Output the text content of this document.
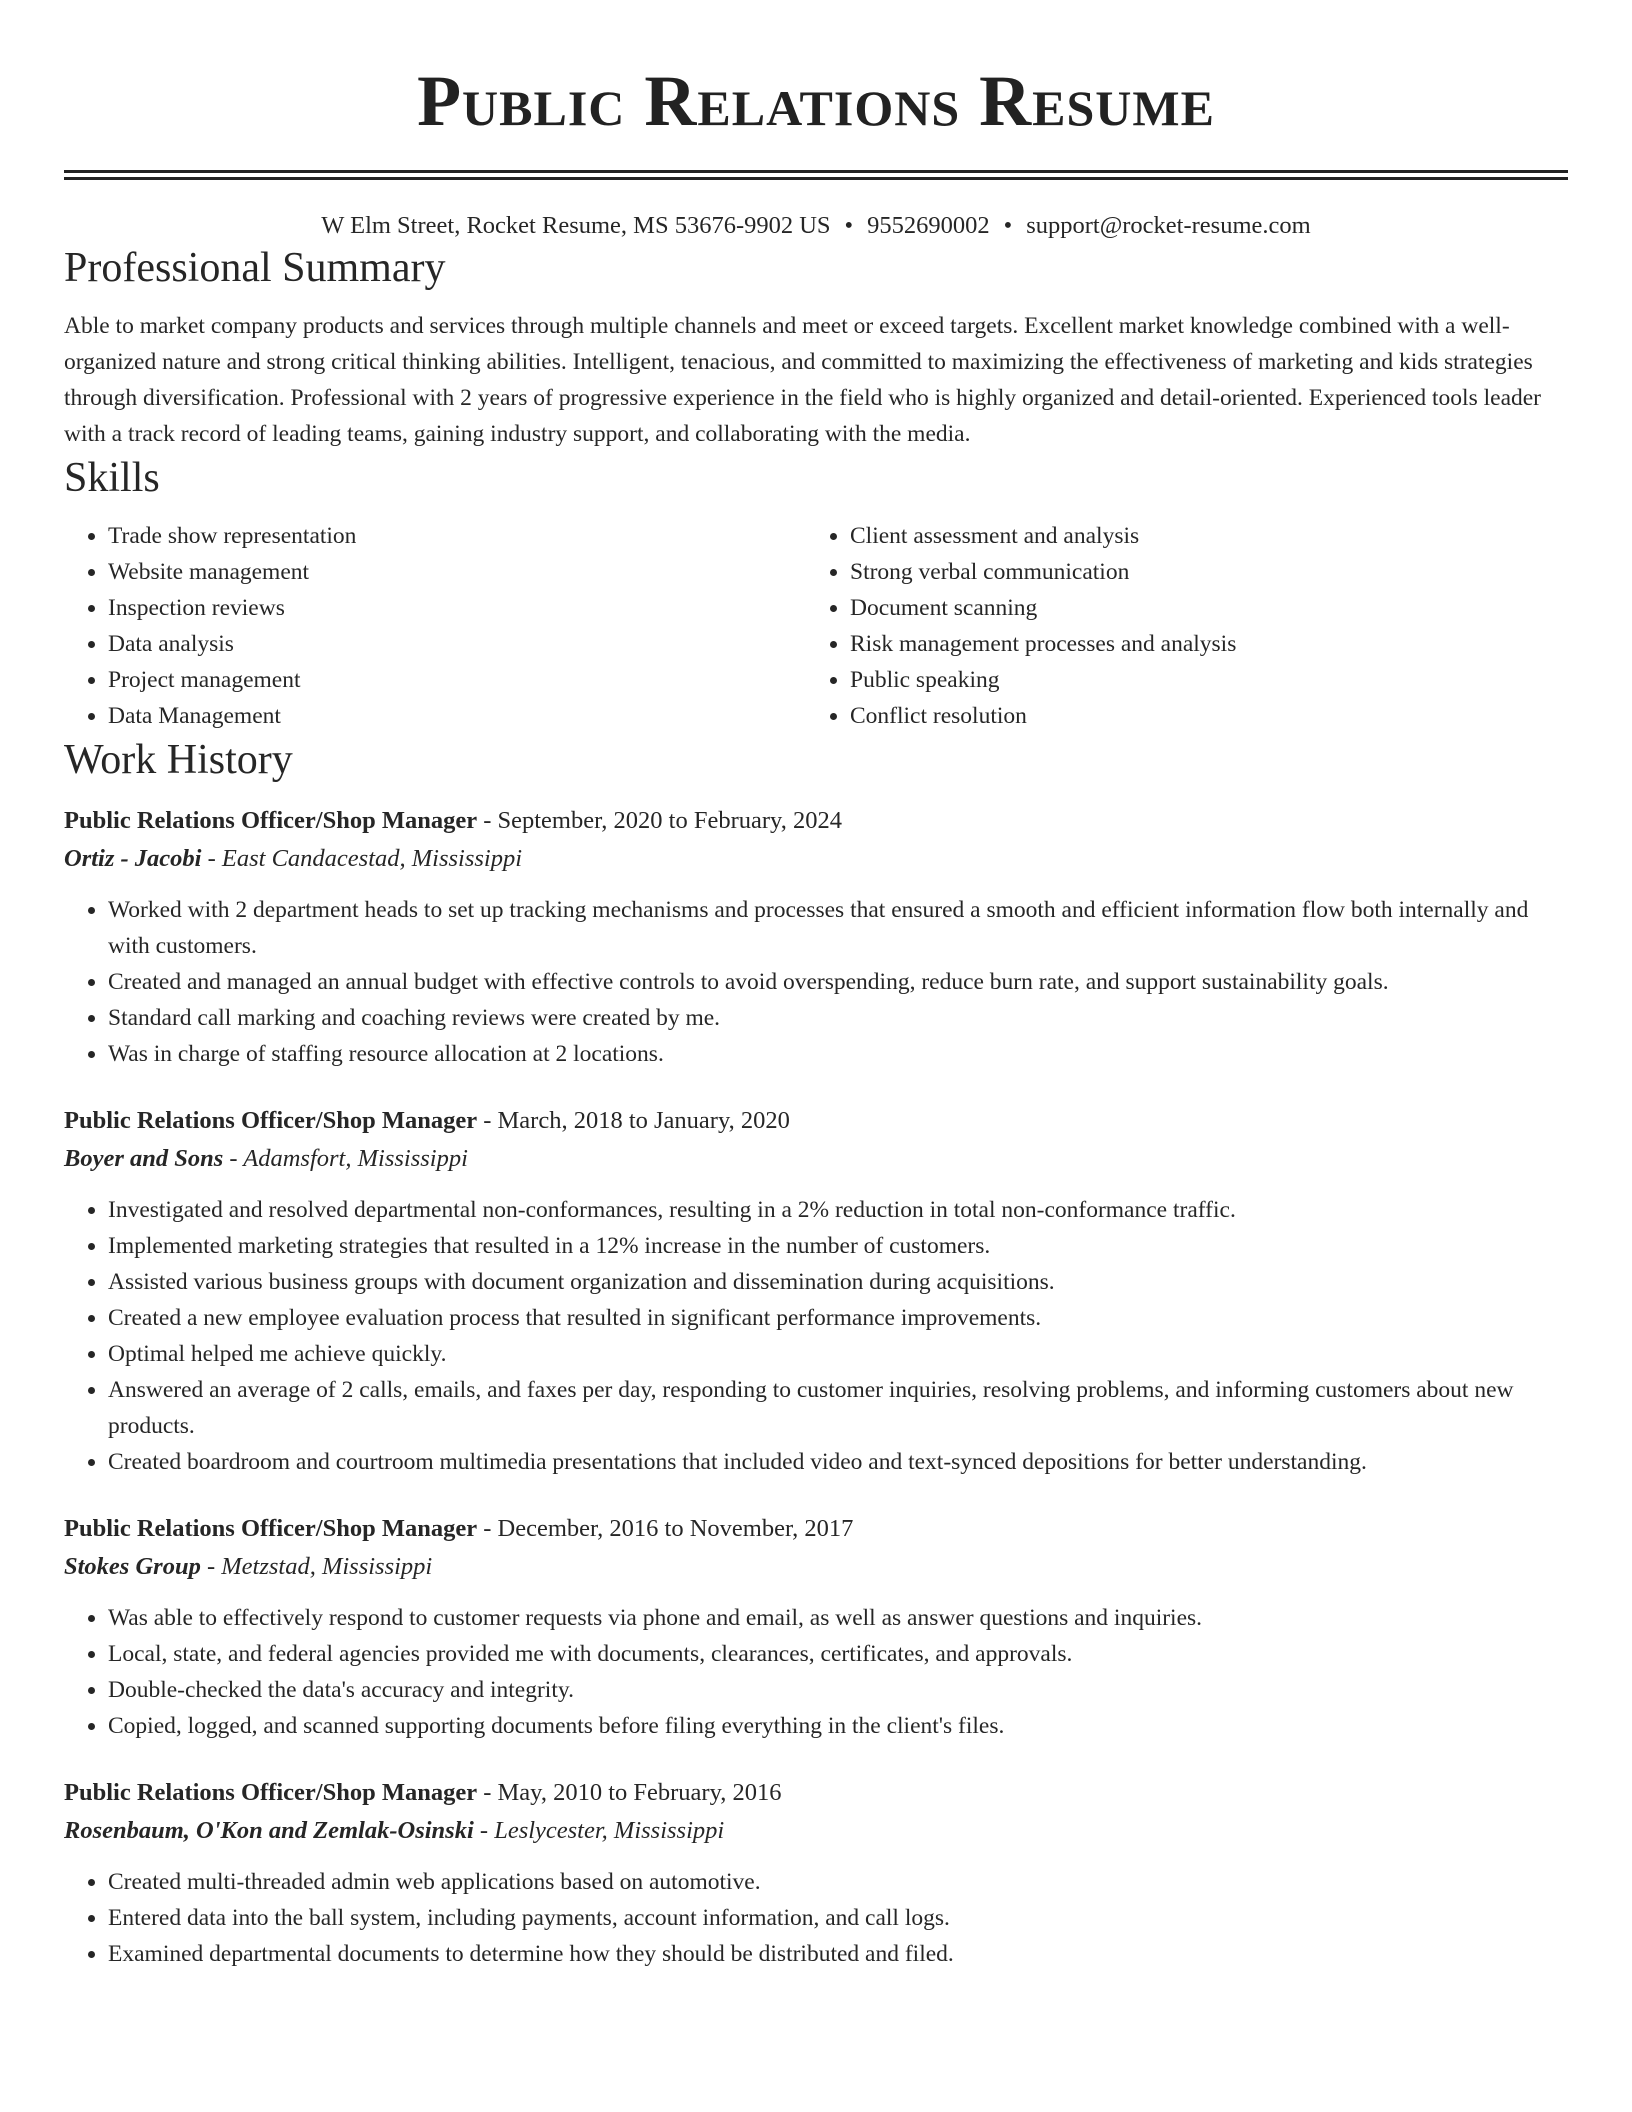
Public Relations Resume
W Elm Street, Rocket Resume, MS 53676-9902 US • 9552690002 • support@rocket-resume.com
Professional Summary

Able to market company products and services through multiple channels and meet or exceed targets. Excellent market knowledge combined with a well-organized nature and strong critical thinking abilities. Intelligent, tenacious, and committed to maximizing the effectiveness of marketing and kids strategies through diversification. Professional with 2 years of progressive experience in the field who is highly organized and detail-oriented. Experienced tools leader with a track record of leading teams, gaining industry support, and collaborating with the media.

Skills
• Trade show representation
• Website management
• Inspection reviews
• Data analysis
• Project management
• Data Management
• Client assessment and analysis
• Strong verbal communication
• Document scanning
• Risk management processes and analysis
• Public speaking
• Conflict resolution
Work History
Public Relations Officer/Shop Manager - September, 2020 to February, 2024
Ortiz - Jacobi - East Candacestad, Mississippi
• Worked with 2 department heads to set up tracking mechanisms and processes that ensured a smooth and efficient information flow both internally and with customers.
• Created and managed an annual budget with effective controls to avoid overspending, reduce burn rate, and support sustainability goals.
• Standard call marking and coaching reviews were created by me.
• Was in charge of staffing resource allocation at 2 locations.
Public Relations Officer/Shop Manager - March, 2018 to January, 2020
Boyer and Sons - Adamsfort, Mississippi
• Investigated and resolved departmental non-conformances, resulting in a 2% reduction in total non-conformance traffic.
• Implemented marketing strategies that resulted in a 12% increase in the number of customers.
• Assisted various business groups with document organization and dissemination during acquisitions.
• Created a new employee evaluation process that resulted in significant performance improvements.
• Optimal helped me achieve quickly.
• Answered an average of 2 calls, emails, and faxes per day, responding to customer inquiries, resolving problems, and informing customers about new products.
• Created boardroom and courtroom multimedia presentations that included video and text-synced depositions for better understanding.
Public Relations Officer/Shop Manager - December, 2016 to November, 2017
Stokes Group - Metzstad, Mississippi
• Was able to effectively respond to customer requests via phone and email, as well as answer questions and inquiries.
• Local, state, and federal agencies provided me with documents, clearances, certificates, and approvals.
• Double-checked the data's accuracy and integrity.
• Copied, logged, and scanned supporting documents before filing everything in the client's files.
Public Relations Officer/Shop Manager - May, 2010 to February, 2016
Rosenbaum, O'Kon and Zemlak-Osinski - Leslycester, Mississippi
• Created multi-threaded admin web applications based on automotive.
• Entered data into the ball system, including payments, account information, and call logs.
• Examined departmental documents to determine how they should be distributed and filed.
